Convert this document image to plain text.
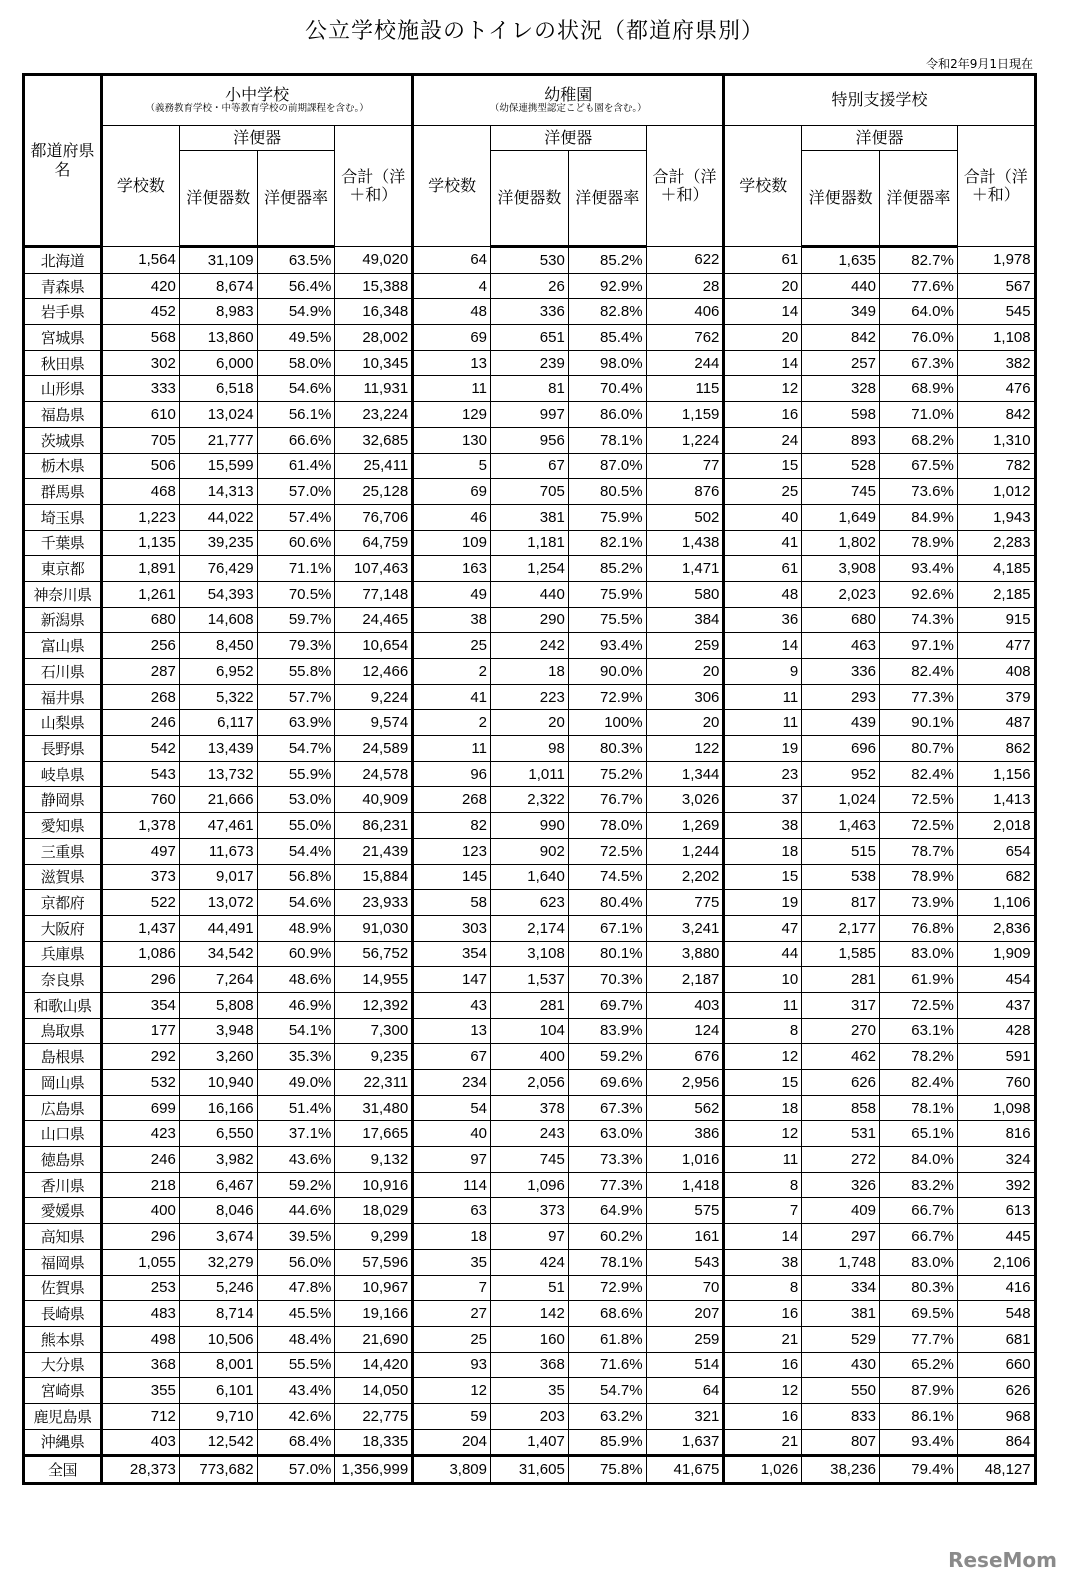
公立学校施設のトイレの状況（都道府県別）
令和2年9月1日現在
都道府県名	小中学校
（義務教育学校・中等教育学校の前期課程を含む。）				幼稚園
（幼保連携型認定こども園を含む。）				特別支援学校			
	学校数	洋便器		合計（洋＋和）	学校数	洋便器		合計（洋＋和）	学校数	洋便器		合計（洋＋和）
		洋便器数	洋便器率			洋便器数	洋便器率			洋便器数	洋便器率	
北海道	1,564	31,109	63.5%	49,020	64	530	85.2%	622	61	1,635	82.7%	1,978
青森県	420	8,674	56.4%	15,388	4	26	92.9%	28	20	440	77.6%	567
岩手県	452	8,983	54.9%	16,348	48	336	82.8%	406	14	349	64.0%	545
宮城県	568	13,860	49.5%	28,002	69	651	85.4%	762	20	842	76.0%	1,108
秋田県	302	6,000	58.0%	10,345	13	239	98.0%	244	14	257	67.3%	382
山形県	333	6,518	54.6%	11,931	11	81	70.4%	115	12	328	68.9%	476
福島県	610	13,024	56.1%	23,224	129	997	86.0%	1,159	16	598	71.0%	842
茨城県	705	21,777	66.6%	32,685	130	956	78.1%	1,224	24	893	68.2%	1,310
栃木県	506	15,599	61.4%	25,411	5	67	87.0%	77	15	528	67.5%	782
群馬県	468	14,313	57.0%	25,128	69	705	80.5%	876	25	745	73.6%	1,012
埼玉県	1,223	44,022	57.4%	76,706	46	381	75.9%	502	40	1,649	84.9%	1,943
千葉県	1,135	39,235	60.6%	64,759	109	1,181	82.1%	1,438	41	1,802	78.9%	2,283
東京都	1,891	76,429	71.1%	107,463	163	1,254	85.2%	1,471	61	3,908	93.4%	4,185
神奈川県	1,261	54,393	70.5%	77,148	49	440	75.9%	580	48	2,023	92.6%	2,185
新潟県	680	14,608	59.7%	24,465	38	290	75.5%	384	36	680	74.3%	915
富山県	256	8,450	79.3%	10,654	25	242	93.4%	259	14	463	97.1%	477
石川県	287	6,952	55.8%	12,466	2	18	90.0%	20	9	336	82.4%	408
福井県	268	5,322	57.7%	9,224	41	223	72.9%	306	11	293	77.3%	379
山梨県	246	6,117	63.9%	9,574	2	20	100%	20	11	439	90.1%	487
長野県	542	13,439	54.7%	24,589	11	98	80.3%	122	19	696	80.7%	862
岐阜県	543	13,732	55.9%	24,578	96	1,011	75.2%	1,344	23	952	82.4%	1,156
静岡県	760	21,666	53.0%	40,909	268	2,322	76.7%	3,026	37	1,024	72.5%	1,413
愛知県	1,378	47,461	55.0%	86,231	82	990	78.0%	1,269	38	1,463	72.5%	2,018
三重県	497	11,673	54.4%	21,439	123	902	72.5%	1,244	18	515	78.7%	654
滋賀県	373	9,017	56.8%	15,884	145	1,640	74.5%	2,202	15	538	78.9%	682
京都府	522	13,072	54.6%	23,933	58	623	80.4%	775	19	817	73.9%	1,106
大阪府	1,437	44,491	48.9%	91,030	303	2,174	67.1%	3,241	47	2,177	76.8%	2,836
兵庫県	1,086	34,542	60.9%	56,752	354	3,108	80.1%	3,880	44	1,585	83.0%	1,909
奈良県	296	7,264	48.6%	14,955	147	1,537	70.3%	2,187	10	281	61.9%	454
和歌山県	354	5,808	46.9%	12,392	43	281	69.7%	403	11	317	72.5%	437
鳥取県	177	3,948	54.1%	7,300	13	104	83.9%	124	8	270	63.1%	428
島根県	292	3,260	35.3%	9,235	67	400	59.2%	676	12	462	78.2%	591
岡山県	532	10,940	49.0%	22,311	234	2,056	69.6%	2,956	15	626	82.4%	760
広島県	699	16,166	51.4%	31,480	54	378	67.3%	562	18	858	78.1%	1,098
山口県	423	6,550	37.1%	17,665	40	243	63.0%	386	12	531	65.1%	816
徳島県	246	3,982	43.6%	9,132	97	745	73.3%	1,016	11	272	84.0%	324
香川県	218	6,467	59.2%	10,916	114	1,096	77.3%	1,418	8	326	83.2%	392
愛媛県	400	8,046	44.6%	18,029	63	373	64.9%	575	7	409	66.7%	613
高知県	296	3,674	39.5%	9,299	18	97	60.2%	161	14	297	66.7%	445
福岡県	1,055	32,279	56.0%	57,596	35	424	78.1%	543	38	1,748	83.0%	2,106
佐賀県	253	5,246	47.8%	10,967	7	51	72.9%	70	8	334	80.3%	416
長崎県	483	8,714	45.5%	19,166	27	142	68.6%	207	16	381	69.5%	548
熊本県	498	10,506	48.4%	21,690	25	160	61.8%	259	21	529	77.7%	681
大分県	368	8,001	55.5%	14,420	93	368	71.6%	514	16	430	65.2%	660
宮崎県	355	6,101	43.4%	14,050	12	35	54.7%	64	12	550	87.9%	626
鹿児島県	712	9,710	42.6%	22,775	59	203	63.2%	321	16	833	86.1%	968
沖縄県	403	12,542	68.4%	18,335	204	1,407	85.9%	1,637	21	807	93.4%	864
全国	28,373	773,682	57.0%	1,356,999	3,809	31,605	75.8%	41,675	1,026	38,236	79.4%	48,127
ReseMom
